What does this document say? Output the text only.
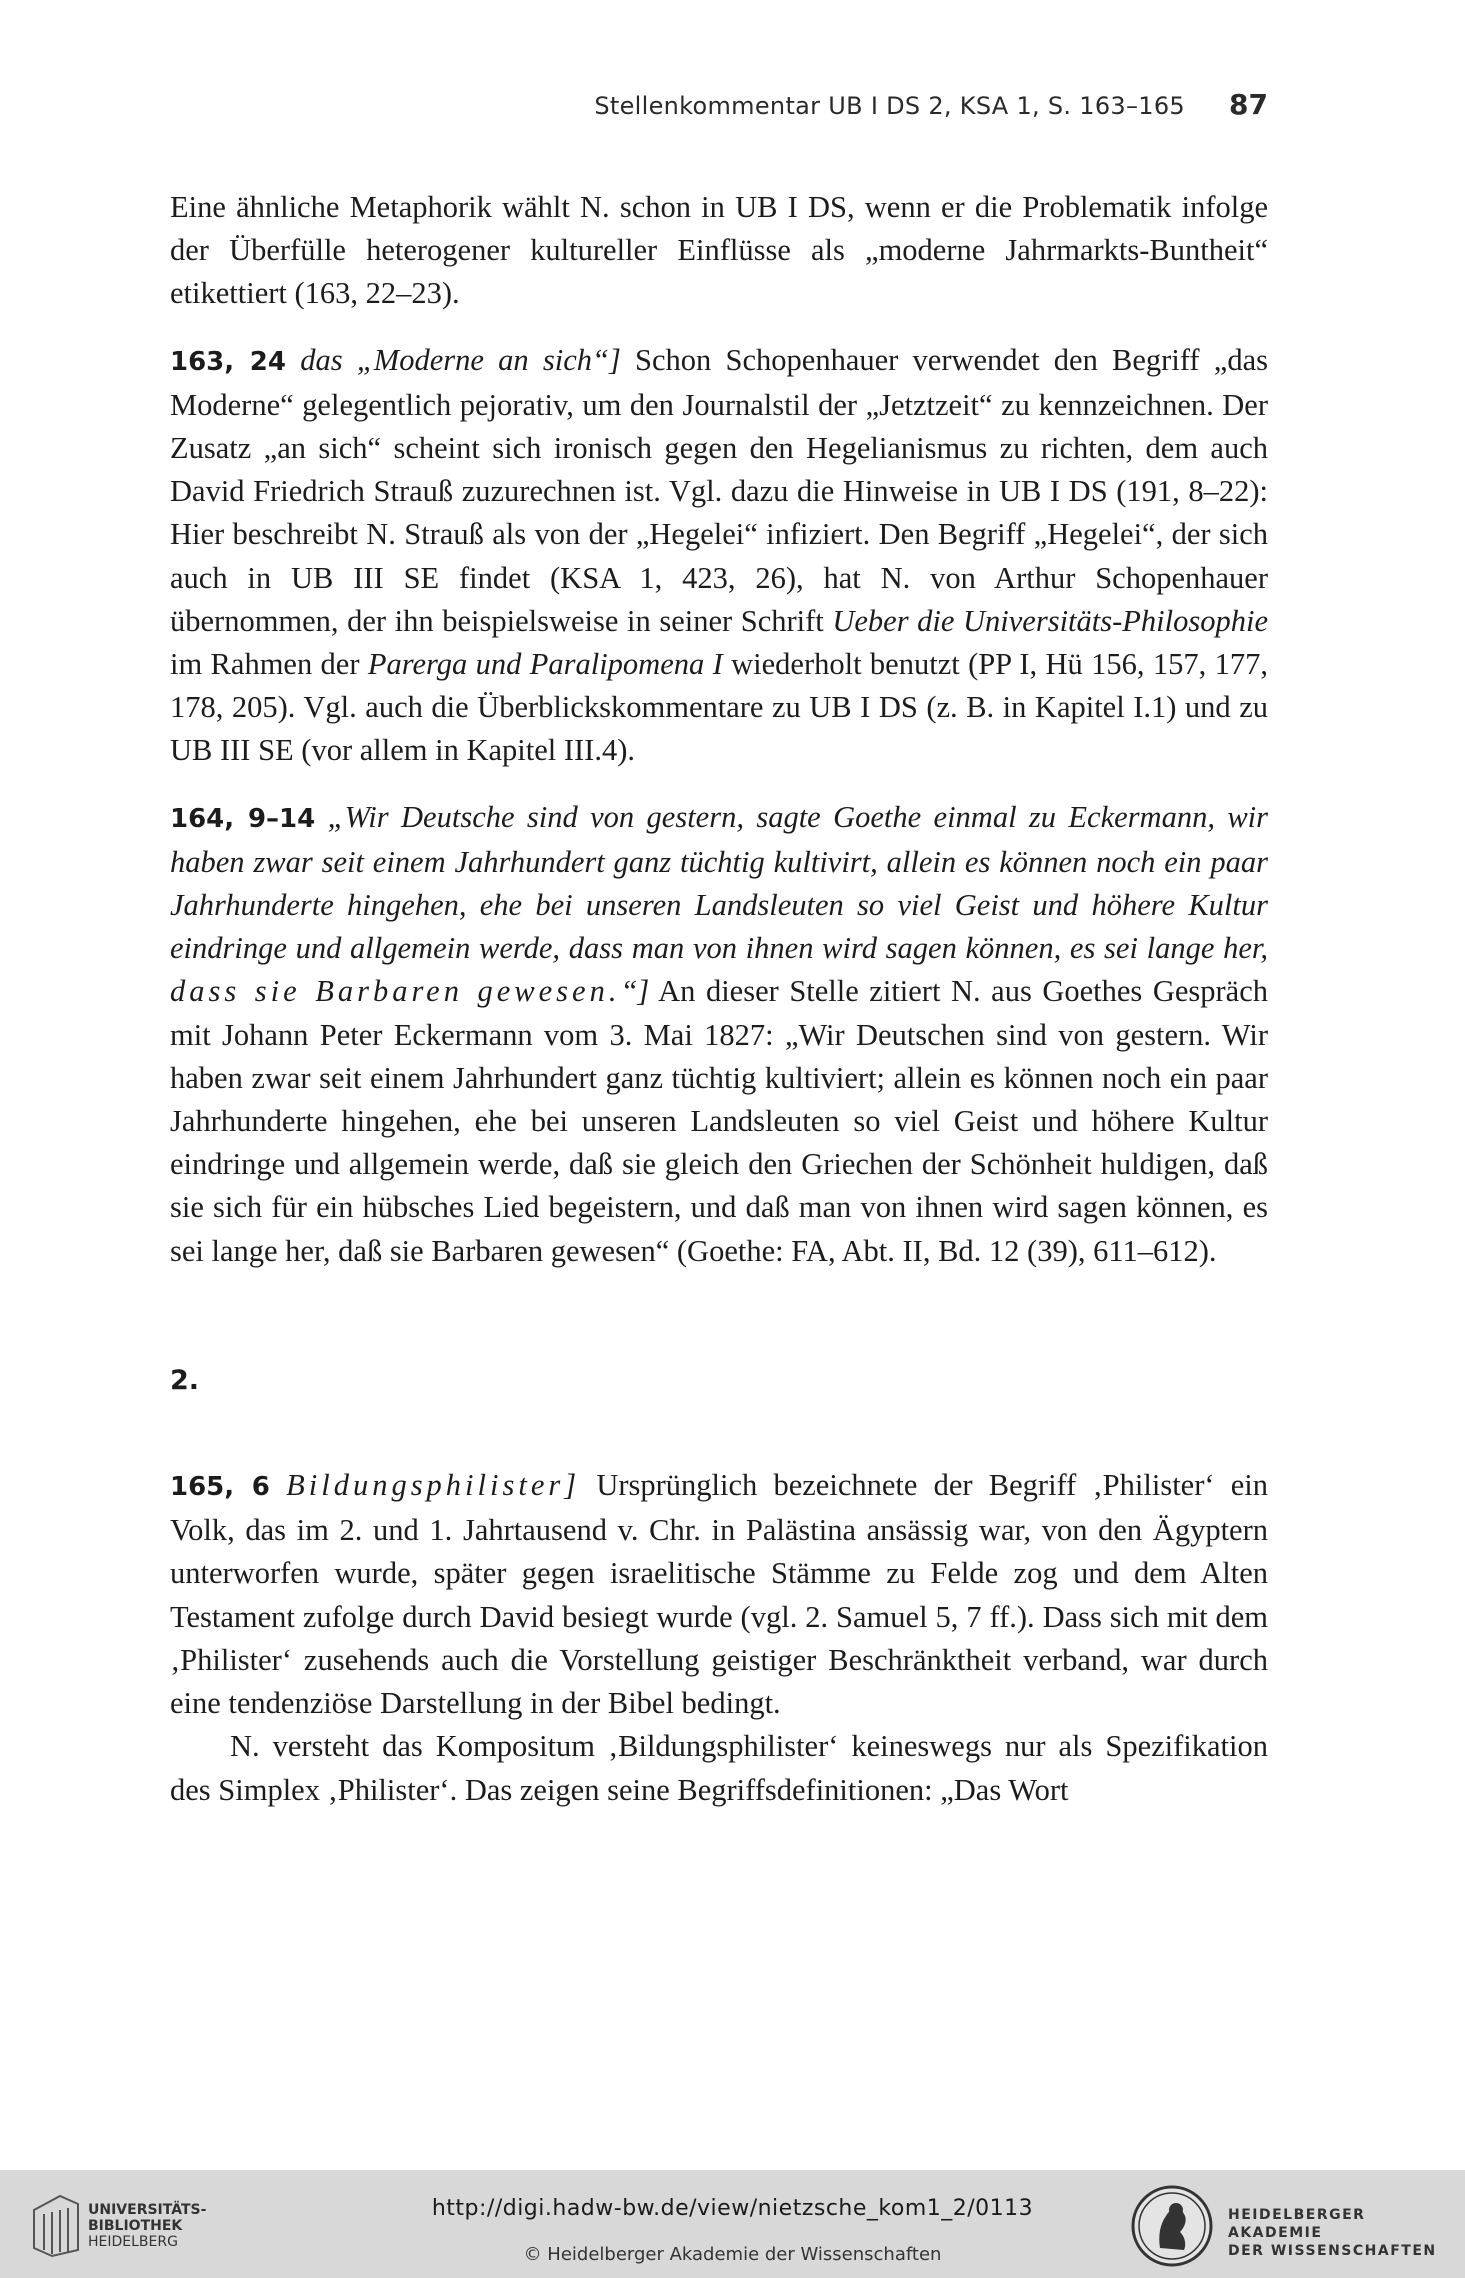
Stellenkommentar UB I DS 2, KSA 1, S. 163–165 87

Eine ähnliche Metaphorik wählt N. schon in UB I DS, wenn er die Problematik infolge der Überfülle heterogener kultureller Einflüsse als „moderne Jahrmarkts-Buntheit“ etikettiert (163, 22–23).

163, 24 das „Moderne an sich“] Schon Schopenhauer verwendet den Begriff „das Moderne“ gelegentlich pejorativ, um den Journalstil der „Jetztzeit“ zu kennzeichnen. Der Zusatz „an sich“ scheint sich ironisch gegen den Hegelianismus zu richten, dem auch David Friedrich Strauß zuzurechnen ist. Vgl. dazu die Hinweise in UB I DS (191, 8–22): Hier beschreibt N. Strauß als von der „Hegelei“ infiziert. Den Begriff „Hegelei“, der sich auch in UB III SE findet (KSA 1, 423, 26), hat N. von Arthur Schopenhauer übernommen, der ihn beispielsweise in seiner Schrift Ueber die Universitäts-Philosophie im Rahmen der Parerga und Paralipomena I wiederholt benutzt (PP I, Hü 156, 157, 177, 178, 205). Vgl. auch die Überblickskommentare zu UB I DS (z. B. in Kapitel I.1) und zu UB III SE (vor allem in Kapitel III.4).

164, 9–14 „Wir Deutsche sind von gestern, sagte Goethe einmal zu Eckermann, wir haben zwar seit einem Jahrhundert ganz tüchtig kultivirt, allein es können noch ein paar Jahrhunderte hingehen, ehe bei unseren Landsleuten so viel Geist und höhere Kultur eindringe und allgemein werde, dass man von ihnen wird sagen können, es sei lange her, dass sie Barbaren gewesen.“] An dieser Stelle zitiert N. aus Goethes Gespräch mit Johann Peter Eckermann vom 3. Mai 1827: „Wir Deutschen sind von gestern. Wir haben zwar seit einem Jahrhundert ganz tüchtig kultiviert; allein es können noch ein paar Jahrhunderte hingehen, ehe bei unseren Landsleuten so viel Geist und höhere Kultur eindringe und allgemein werde, daß sie gleich den Griechen der Schönheit huldigen, daß sie sich für ein hübsches Lied begeistern, und daß man von ihnen wird sagen können, es sei lange her, daß sie Barbaren gewesen“ (Goethe: FA, Abt. II, Bd. 12 (39), 611–612).

2.

165, 6 Bildungsphilister] Ursprünglich bezeichnete der Begriff ‚Philister‘ ein Volk, das im 2. und 1. Jahrtausend v. Chr. in Palästina ansässig war, von den Ägyptern unterworfen wurde, später gegen israelitische Stämme zu Felde zog und dem Alten Testament zufolge durch David besiegt wurde (vgl. 2. Samuel 5, 7 ff.). Dass sich mit dem ‚Philister‘ zusehends auch die Vorstellung geistiger Beschränktheit verband, war durch eine tendenziöse Darstellung in der Bibel bedingt.

N. versteht das Kompositum ‚Bildungsphilister‘ keineswegs nur als Spezifikation des Simplex ‚Philister‘. Das zeigen seine Begriffsdefinitionen: „Das Wort

UNIVERSITÄTS-
BIBLIOTHEK
HEIDELBERG
http://digi.hadw-bw.de/view/nietzsche_kom1_2/0113
© Heidelberger Akademie der Wissenschaften
HEIDELBERGER AKADEMIE
DER WISSENSCHAFTEN
